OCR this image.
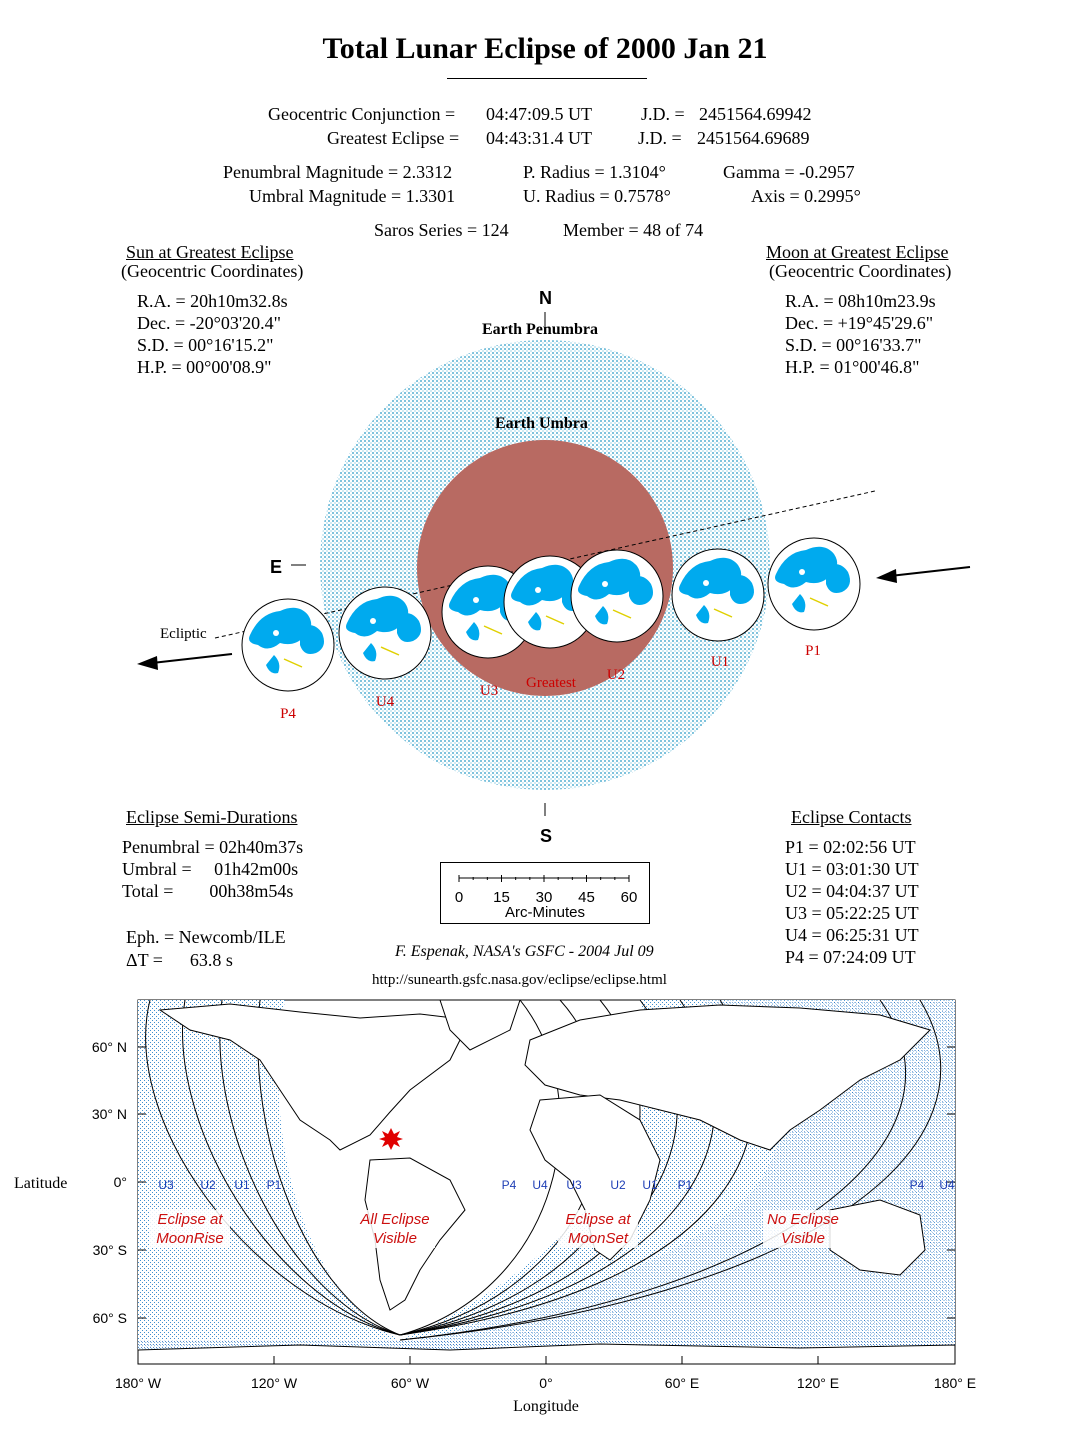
Total Lunar Eclipse of 2000 Jan 21
Geocentric Conjunction = 04:47:09.5 UT	J.D. = 2451564.69942
Greatest Eclipse = 04:43:31.4 UT	J.D. = 2451564.69689
Penumbral Magnitude = 2.3312
Umbral Magnitude = 1.3301
P. Radius = 1.3104°
U. Radius = 0.7578°
Gamma = -0.2957
Axis = 0.2995°
Saros Series = 124	Member = 48 of 74
Sun at Greatest Eclipse
(Geocentric Coordinates)
R.A. = 20h10m32.8s
Dec. = -20°03'20.4"
S.D. = 00°16'15.2"
H.P. = 00°00'08.9"
Moon at Greatest Eclipse
(Geocentric Coordinates)
R.A. = 08h10m23.9s
Dec. = +19°45'29.6"
S.D. = 00°16'33.7"
H.P. = 01°00'46.8"
N
S
E
Earth Penumbra
Earth Umbra
Ecliptic
P4
U4
U3 Greatest U2
U1
P1
Eclipse Semi-Durations
Penumbral = 02h40m37s
Umbral =     01h42m00s
Total =        00h38m54s
Eph. = Newcomb/ILE
ΔT =      63.8 s
Eclipse Contacts
P1 = 02:02:56 UT
U1 = 03:01:30 UT
U2 = 04:04:37 UT
U3 = 05:22:25 UT
U4 = 06:25:31 UT
P4 = 07:24:09 UT
0 15 30 45 60
Arc-Minutes
F. Espenak, NASA's GSFC - 2004 Jul 09
http://sunearth.gsfc.nasa.gov/eclipse/eclipse.html
60° N
30° N
0°
30° S
60° S
180° W	120° W	60° W	0°	60° E	120° E	180° E
Latitude
Longitude
U3 U2 U1 P1	P4 U4 U3 U2 U1 P1	P4 U4
Eclipse at
MoonRise
All Eclipse
Visible
Eclipse at
MoonSet
No Eclipse
Visible
